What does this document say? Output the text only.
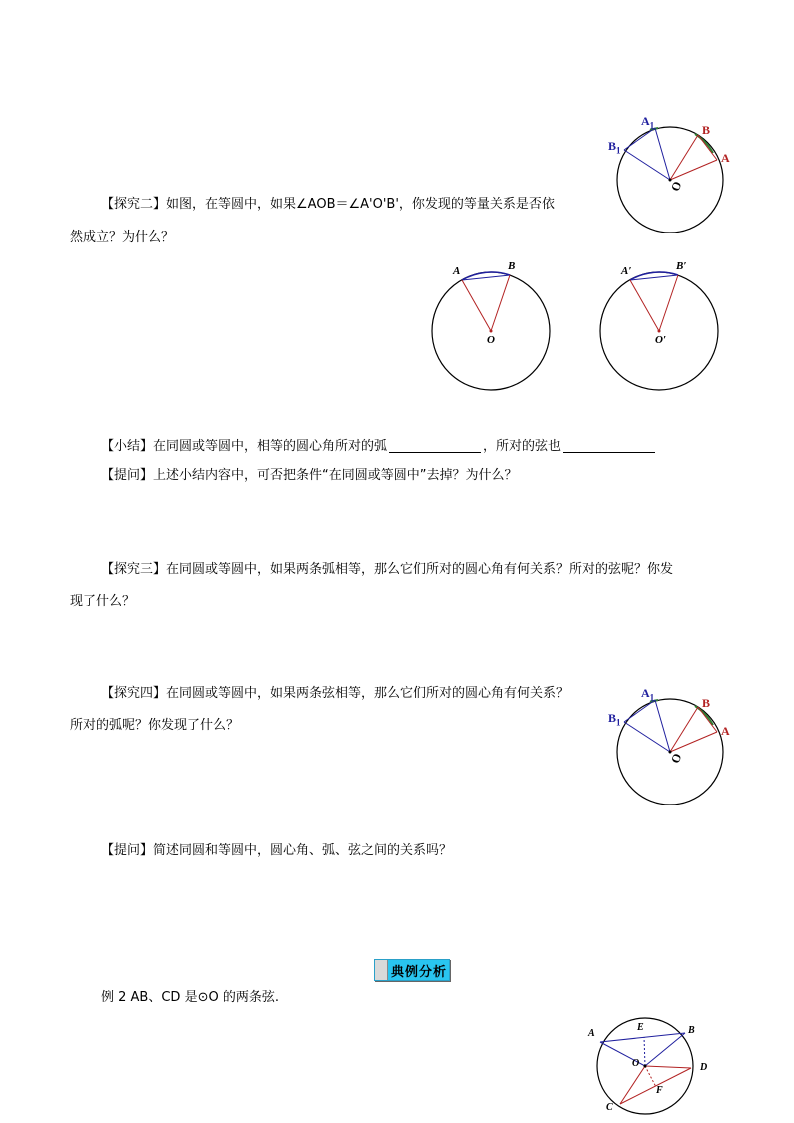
$A_1$
$B_1$
B
A
O
【探究二】如图，在等圆中，如果∠AOB＝∠A'O'B'，你发现的等量关系是否依
然成立？为什么？
A	B
O
A′	B′
O′
【小结】在同圆或等圆中，相等的圆心角所对的弧	，所对的弦也
【提问】上述小结内容中，可否把条件“在同圆或等圆中”去掉？为什么？
【探究三】在同圆或等圆中，如果两条弧相等，那么它们所对的圆心角有何关系？所对的弦呢？你发
现了什么？
$A_1$
$B_1$
B
A
O
【探究四】在同圆或等圆中，如果两条弦相等，那么它们所对的圆心角有何关系？
所对的弧呢？你发现了什么？
【提问】简述同圆和等圆中，圆心角、弧、弦之间的关系吗？
典例分析
例 2 AB、CD 是⊙O 的两条弦.
A	B
E
O	D
F
C
